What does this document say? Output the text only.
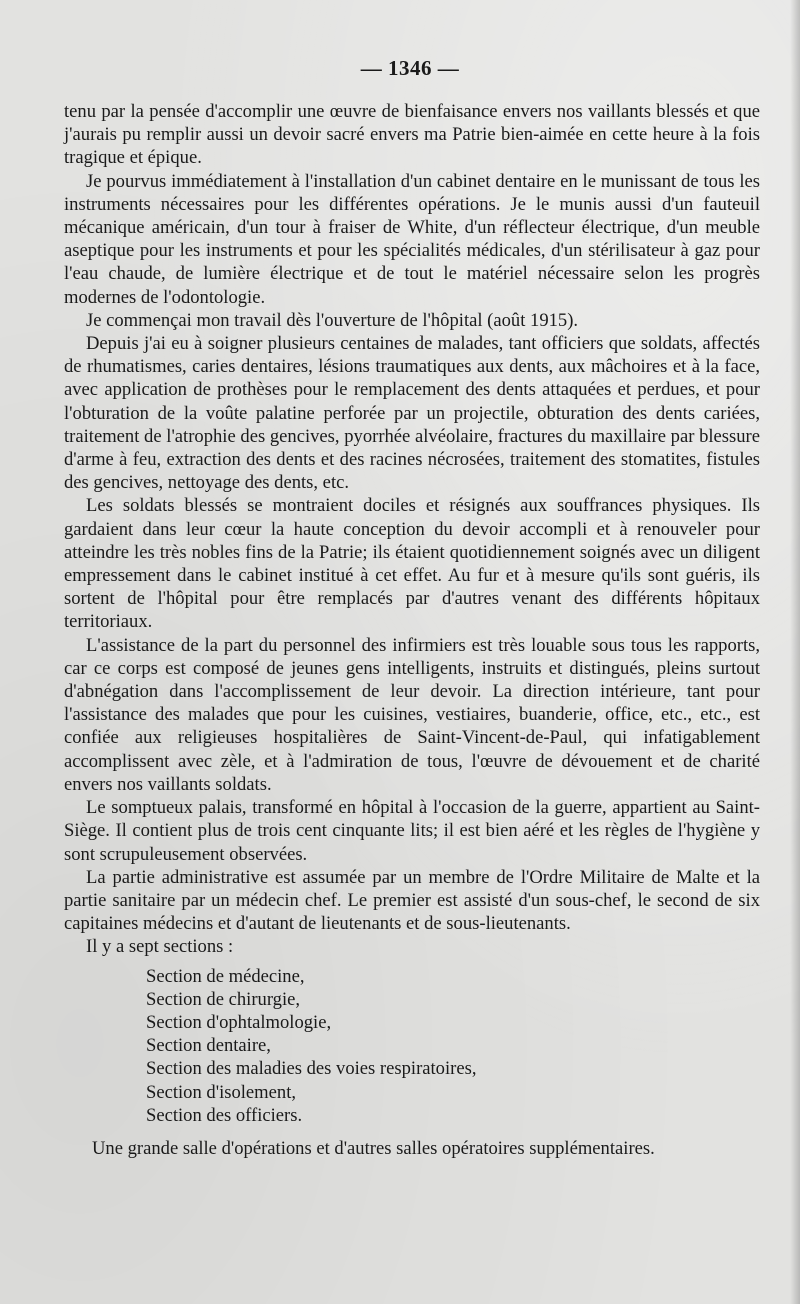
— 1346 —

tenu par la pensée d'accomplir une œuvre de bienfaisance envers nos vaillants blessés et que j'aurais pu remplir aussi un devoir sacré envers ma Patrie bien-aimée en cette heure à la fois tragique et épique.

Je pourvus immédiatement à l'installation d'un cabinet dentaire en le munissant de tous les instruments nécessaires pour les différentes opérations. Je le munis aussi d'un fauteuil mécanique américain, d'un tour à fraiser de White, d'un réflecteur électrique, d'un meuble aseptique pour les instruments et pour les spécialités médicales, d'un stérilisateur à gaz pour l'eau chaude, de lumière électrique et de tout le matériel nécessaire selon les progrès modernes de l'odontologie.

Je commençai mon travail dès l'ouverture de l'hôpital (août 1915).

Depuis j'ai eu à soigner plusieurs centaines de malades, tant officiers que soldats, affectés de rhumatismes, caries dentaires, lésions traumatiques aux dents, aux mâchoires et à la face, avec application de prothèses pour le remplacement des dents attaquées et perdues, et pour l'obturation de la voûte palatine perforée par un projectile, obturation des dents cariées, traitement de l'atrophie des gencives, pyorrhée alvéolaire, fractures du maxillaire par blessure d'arme à feu, extraction des dents et des racines nécrosées, traitement des stomatites, fistules des gencives, nettoyage des dents, etc.

Les soldats blessés se montraient dociles et résignés aux souffrances physiques. Ils gardaient dans leur cœur la haute conception du devoir accompli et à renouveler pour atteindre les très nobles fins de la Patrie; ils étaient quotidiennement soignés avec un diligent empressement dans le cabinet institué à cet effet. Au fur et à mesure qu'ils sont guéris, ils sortent de l'hôpital pour être remplacés par d'autres venant des différents hôpitaux territoriaux.

L'assistance de la part du personnel des infirmiers est très louable sous tous les rapports, car ce corps est composé de jeunes gens intelligents, instruits et distingués, pleins surtout d'abnégation dans l'accomplissement de leur devoir. La direction intérieure, tant pour l'assistance des malades que pour les cuisines, vestiaires, buanderie, office, etc., etc., est confiée aux religieuses hospitalières de Saint-Vincent-de-Paul, qui infatigablement accomplissent avec zèle, et à l'admiration de tous, l'œuvre de dévouement et de charité envers nos vaillants soldats.

Le somptueux palais, transformé en hôpital à l'occasion de la guerre, appartient au Saint-Siège. Il contient plus de trois cent cinquante lits; il est bien aéré et les règles de l'hygiène y sont scrupuleusement observées.

La partie administrative est assumée par un membre de l'Ordre Militaire de Malte et la partie sanitaire par un médecin chef. Le premier est assisté d'un sous-chef, le second de six capitaines médecins et d'autant de lieutenants et de sous-lieutenants.

Il y a sept sections :

Section de médecine,
Section de chirurgie,
Section d'ophtalmologie,
Section dentaire,
Section des maladies des voies respiratoires,
Section d'isolement,
Section des officiers.

Une grande salle d'opérations et d'autres salles opératoires supplémentaires.
